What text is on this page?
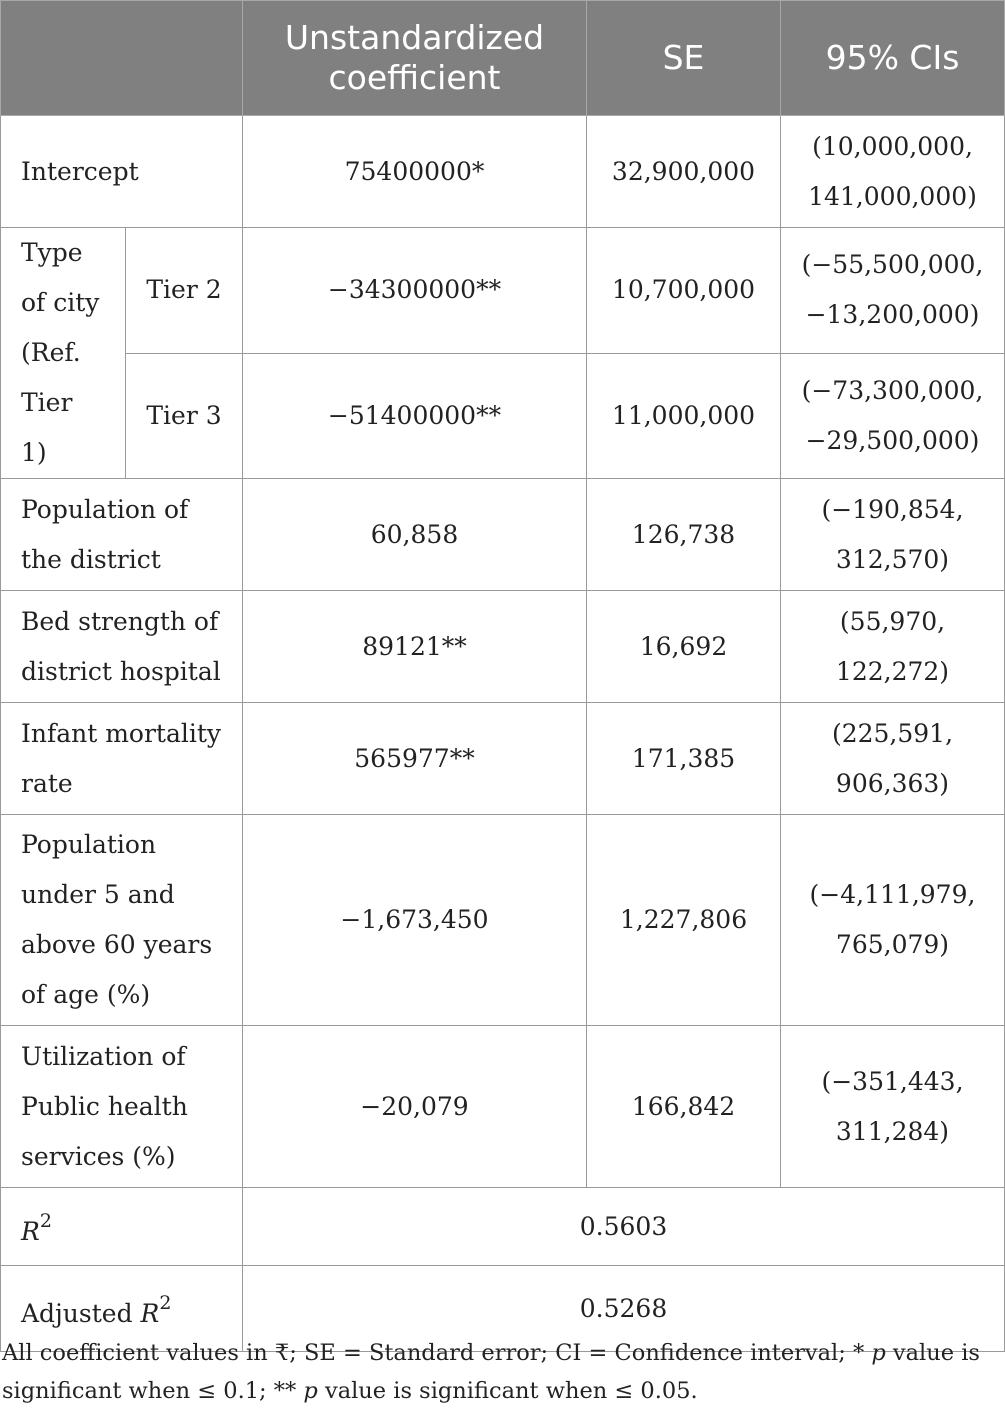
		Unstandardized coefficient	SE	95% CIs
Intercept		75400000*	32,900,000	(10,000,000,
141,000,000)

Type of city (Ref. Tier 1)	Tier 2	−34300000**	10,700,000	(−55,500,000,
−13,200,000)

	Tier 3	−51400000**	11,000,000	(−73,300,000,
−29,500,000)

Population of the district		60,858	126,738	(−190,854,
312,570)

Bed strength of district hospital		89121**	16,692	(55,970,
122,272)

Infant mortality rate		565977**	171,385	(225,591,
906,363)

Population under 5 and above 60 years of age (%)		−1,673,450	1,227,806	(−4,111,979,
765,079)

Utilization of Public health services (%)		−20,079	166,842	(−351,443,
311,284)

$R^2$		0.5603		
Adjusted $R^2$		0.5268		
All coefficient values in ₹; SE = Standard error; CI = Confidence interval; * p value is significant when ≤ 0.1; ** p value is significant when ≤ 0.05.
